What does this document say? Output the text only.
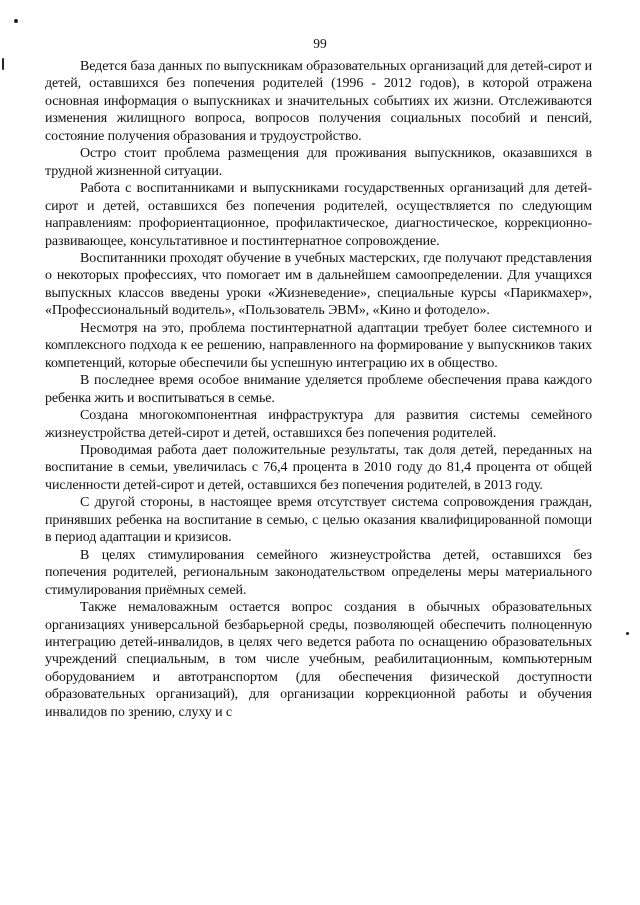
99

Ведется база данных по выпускникам образовательных организаций для детей-сирот и детей, оставшихся без попечения родителей (1996 - 2012 годов), в которой отражена основная информация о выпускниках и значительных событиях их жизни. Отслеживаются изменения жилищного вопроса, вопросов получения социальных пособий и пенсий, состояние получения образования и трудоустройство.

Остро стоит проблема размещения для проживания выпускников, оказавшихся в трудной жизненной ситуации.

Работа с воспитанниками и выпускниками государственных организаций для детей-сирот и детей, оставшихся без попечения родителей, осуществляется по следующим направлениям: профориентационное, профилактическое, диагностическое, коррекционно-развивающее, консультативное и постинтернатное сопровождение.

Воспитанники проходят обучение в учебных мастерских, где получают представления о некоторых профессиях, что помогает им в дальнейшем самоопределении. Для учащихся выпускных классов введены уроки «Жизневедение», специальные курсы «Парикмахер», «Профессиональный водитель», «Пользователь ЭВМ», «Кино и фотодело».

Несмотря на это, проблема постинтернатной адаптации требует более системного и комплексного подхода к ее решению, направленного на формирование у выпускников таких компетенций, которые обеспечили бы успешную интеграцию их в общество.

В последнее время особое внимание уделяется проблеме обеспечения права каждого ребенка жить и воспитываться в семье.

Создана многокомпонентная инфраструктура для развития системы семейного жизнеустройства детей-сирот и детей, оставшихся без попечения родителей.

Проводимая работа дает положительные результаты, так доля детей, переданных на воспитание в семьи, увеличилась с 76,4 процента в 2010 году до 81,4 процента от общей численности детей-сирот и детей, оставшихся без попечения родителей, в 2013 году.

С другой стороны, в настоящее время отсутствует система сопровождения граждан, принявших ребенка на воспитание в семью, с целью оказания квалифицированной помощи в период адаптации и кризисов.

В целях стимулирования семейного жизнеустройства детей, оставшихся без попечения родителей, региональным законодательством определены меры материального стимулирования приёмных семей.

Также немаловажным остается вопрос создания в обычных образовательных организациях универсальной безбарьерной среды, позволяющей обеспечить полноценную интеграцию детей-инвалидов, в целях чего ведется работа по оснащению образовательных учреждений специальным, в том числе учебным, реабилитационным, компьютерным оборудованием и автотранспортом (для обеспечения физической доступности образовательных организаций), для организации коррекционной работы и обучения инвалидов по зрению, слуху и с
